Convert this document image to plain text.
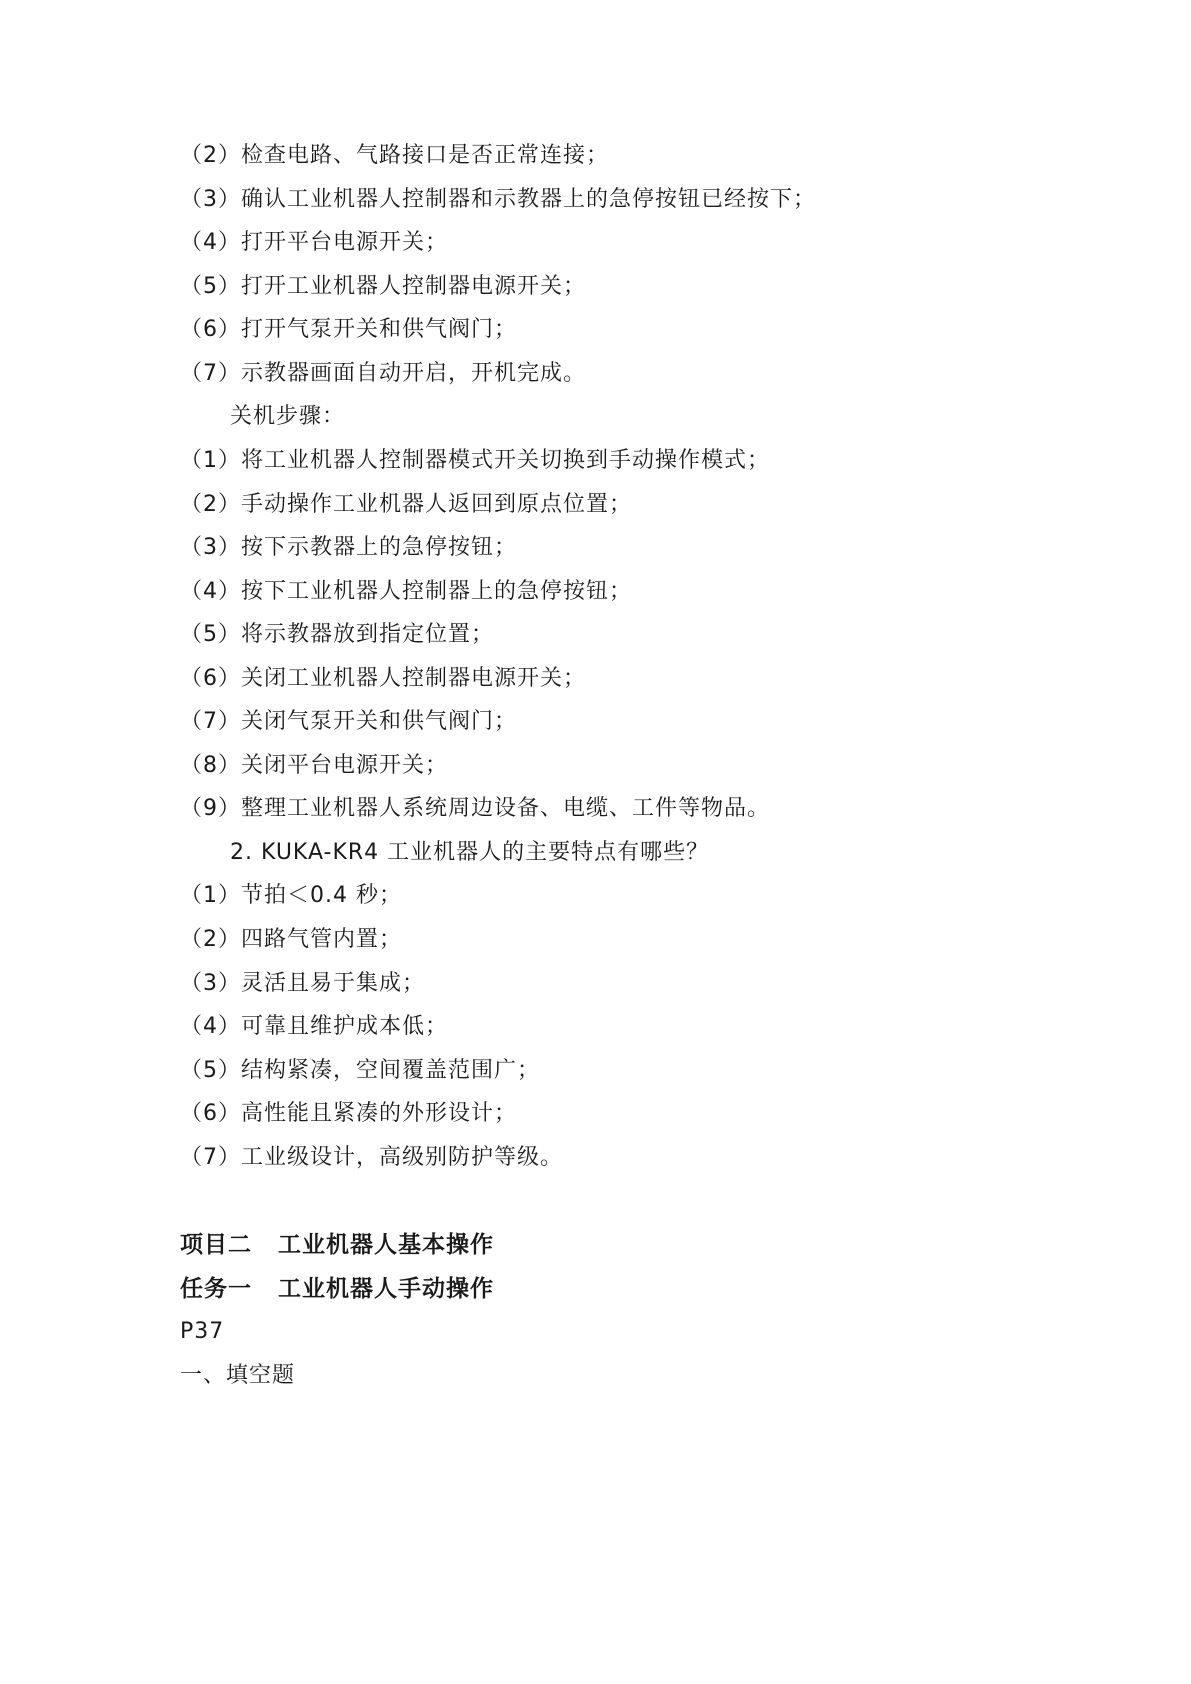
（2）检查电路、气路接口是否正常连接；
（3）确认工业机器人控制器和示教器上的急停按钮已经按下；
（4）打开平台电源开关；
（5）打开工业机器人控制器电源开关；
（6）打开气泵开关和供气阀门；
（7）示教器画面自动开启，开机完成。
关机步骤：
（1）将工业机器人控制器模式开关切换到手动操作模式；
（2）手动操作工业机器人返回到原点位置；
（3）按下示教器上的急停按钮；
（4）按下工业机器人控制器上的急停按钮；
（5）将示教器放到指定位置；
（6）关闭工业机器人控制器电源开关；
（7）关闭气泵开关和供气阀门；
（8）关闭平台电源开关；
（9）整理工业机器人系统周边设备、电缆、工件等物品。
2. KUKA-KR4 工业机器人的主要特点有哪些？
（1）节拍＜0.4 秒；
（2）四路气管内置；
（3）灵活且易于集成；
（4）可靠且维护成本低；
（5）结构紧凑，空间覆盖范围广；
（6）高性能且紧凑的外形设计；
（7）工业级设计，高级别防护等级。
项目二 工业机器人基本操作
任务一 工业机器人手动操作
P37
一、填空题
